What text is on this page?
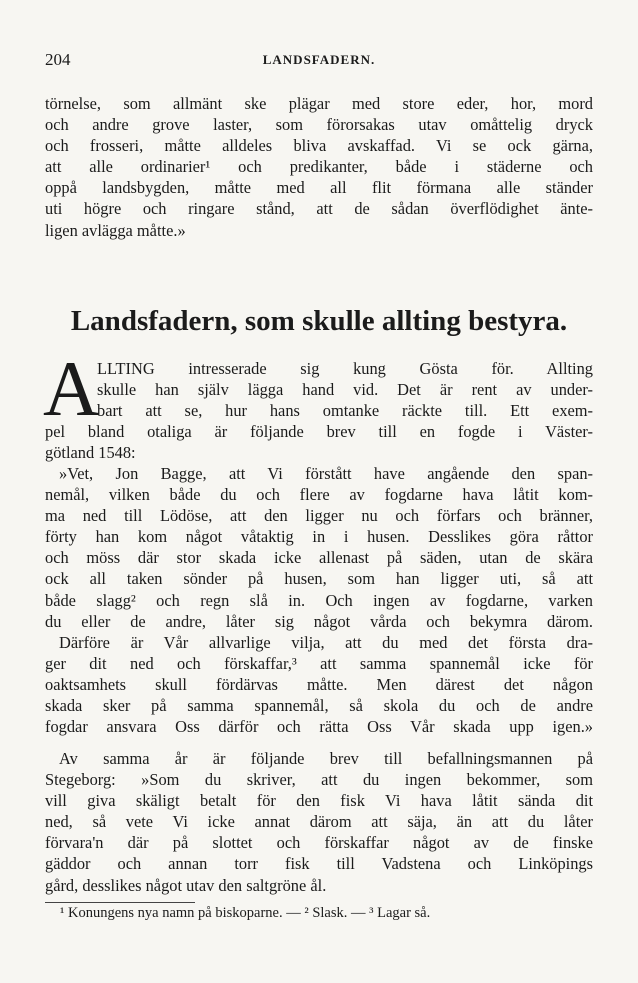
204	LANDSFADERN.
törnelse, som allmänt ske plägar med store eder, hor, mord
och andre grove laster, som förorsakas utav omåttelig dryck
och frosseri, måtte alldeles bliva avskaffad. Vi se ock gärna,
att alle ordinarier¹ och predikanter, både i städerne och
oppå landsbygden, måtte med all flit förmana alle ständer
uti högre och ringare stånd, att de sådan överflödighet änte-
ligen avlägga måtte.»
Landsfadern, som skulle allting bestyra.
A
LLTING intresserade sig kung Gösta för. Allting
skulle han själv lägga hand vid. Det är rent av under-
bart att se, hur hans omtanke räckte till. Ett exem-
pel bland otaliga är följande brev till en fogde i Väster-
götland 1548:
»Vet, Jon Bagge, att Vi förstått have angående den span-
nemål, vilken både du och flere av fogdarne hava låtit kom-
ma ned till Lödöse, att den ligger nu och förfars och bränner,
förty han kom något våtaktig in i husen. Desslikes göra råttor
och möss där stor skada icke allenast på säden, utan de skära
ock all taken sönder på husen, som han ligger uti, så att
både slagg² och regn slå in. Och ingen av fogdarne, varken
du eller de andre, låter sig något vårda och bekymra därom.
Därföre är Vår allvarlige vilja, att du med det första dra-
ger dit ned och förskaffar,³ att samma spannemål icke för
oaktsamhets skull fördärvas måtte. Men därest det någon
skada sker på samma spannemål, så skola du och de andre
fogdar ansvara Oss därför och rätta Oss Vår skada upp igen.»
Av samma år är följande brev till befallningsmannen på
Stegeborg: »Som du skriver, att du ingen bekommer, som
vill giva skäligt betalt för den fisk Vi hava låtit sända dit
ned, så vete Vi icke annat därom att säja, än att du låter
förvara'n där på slottet och förskaffar något av de finske
gäddor och annan torr fisk till Vadstena och Linköpings
gård, desslikes något utav den saltgröne ål.
¹ Konungens nya namn på biskoparne. — ² Slask. — ³ Lagar så.
